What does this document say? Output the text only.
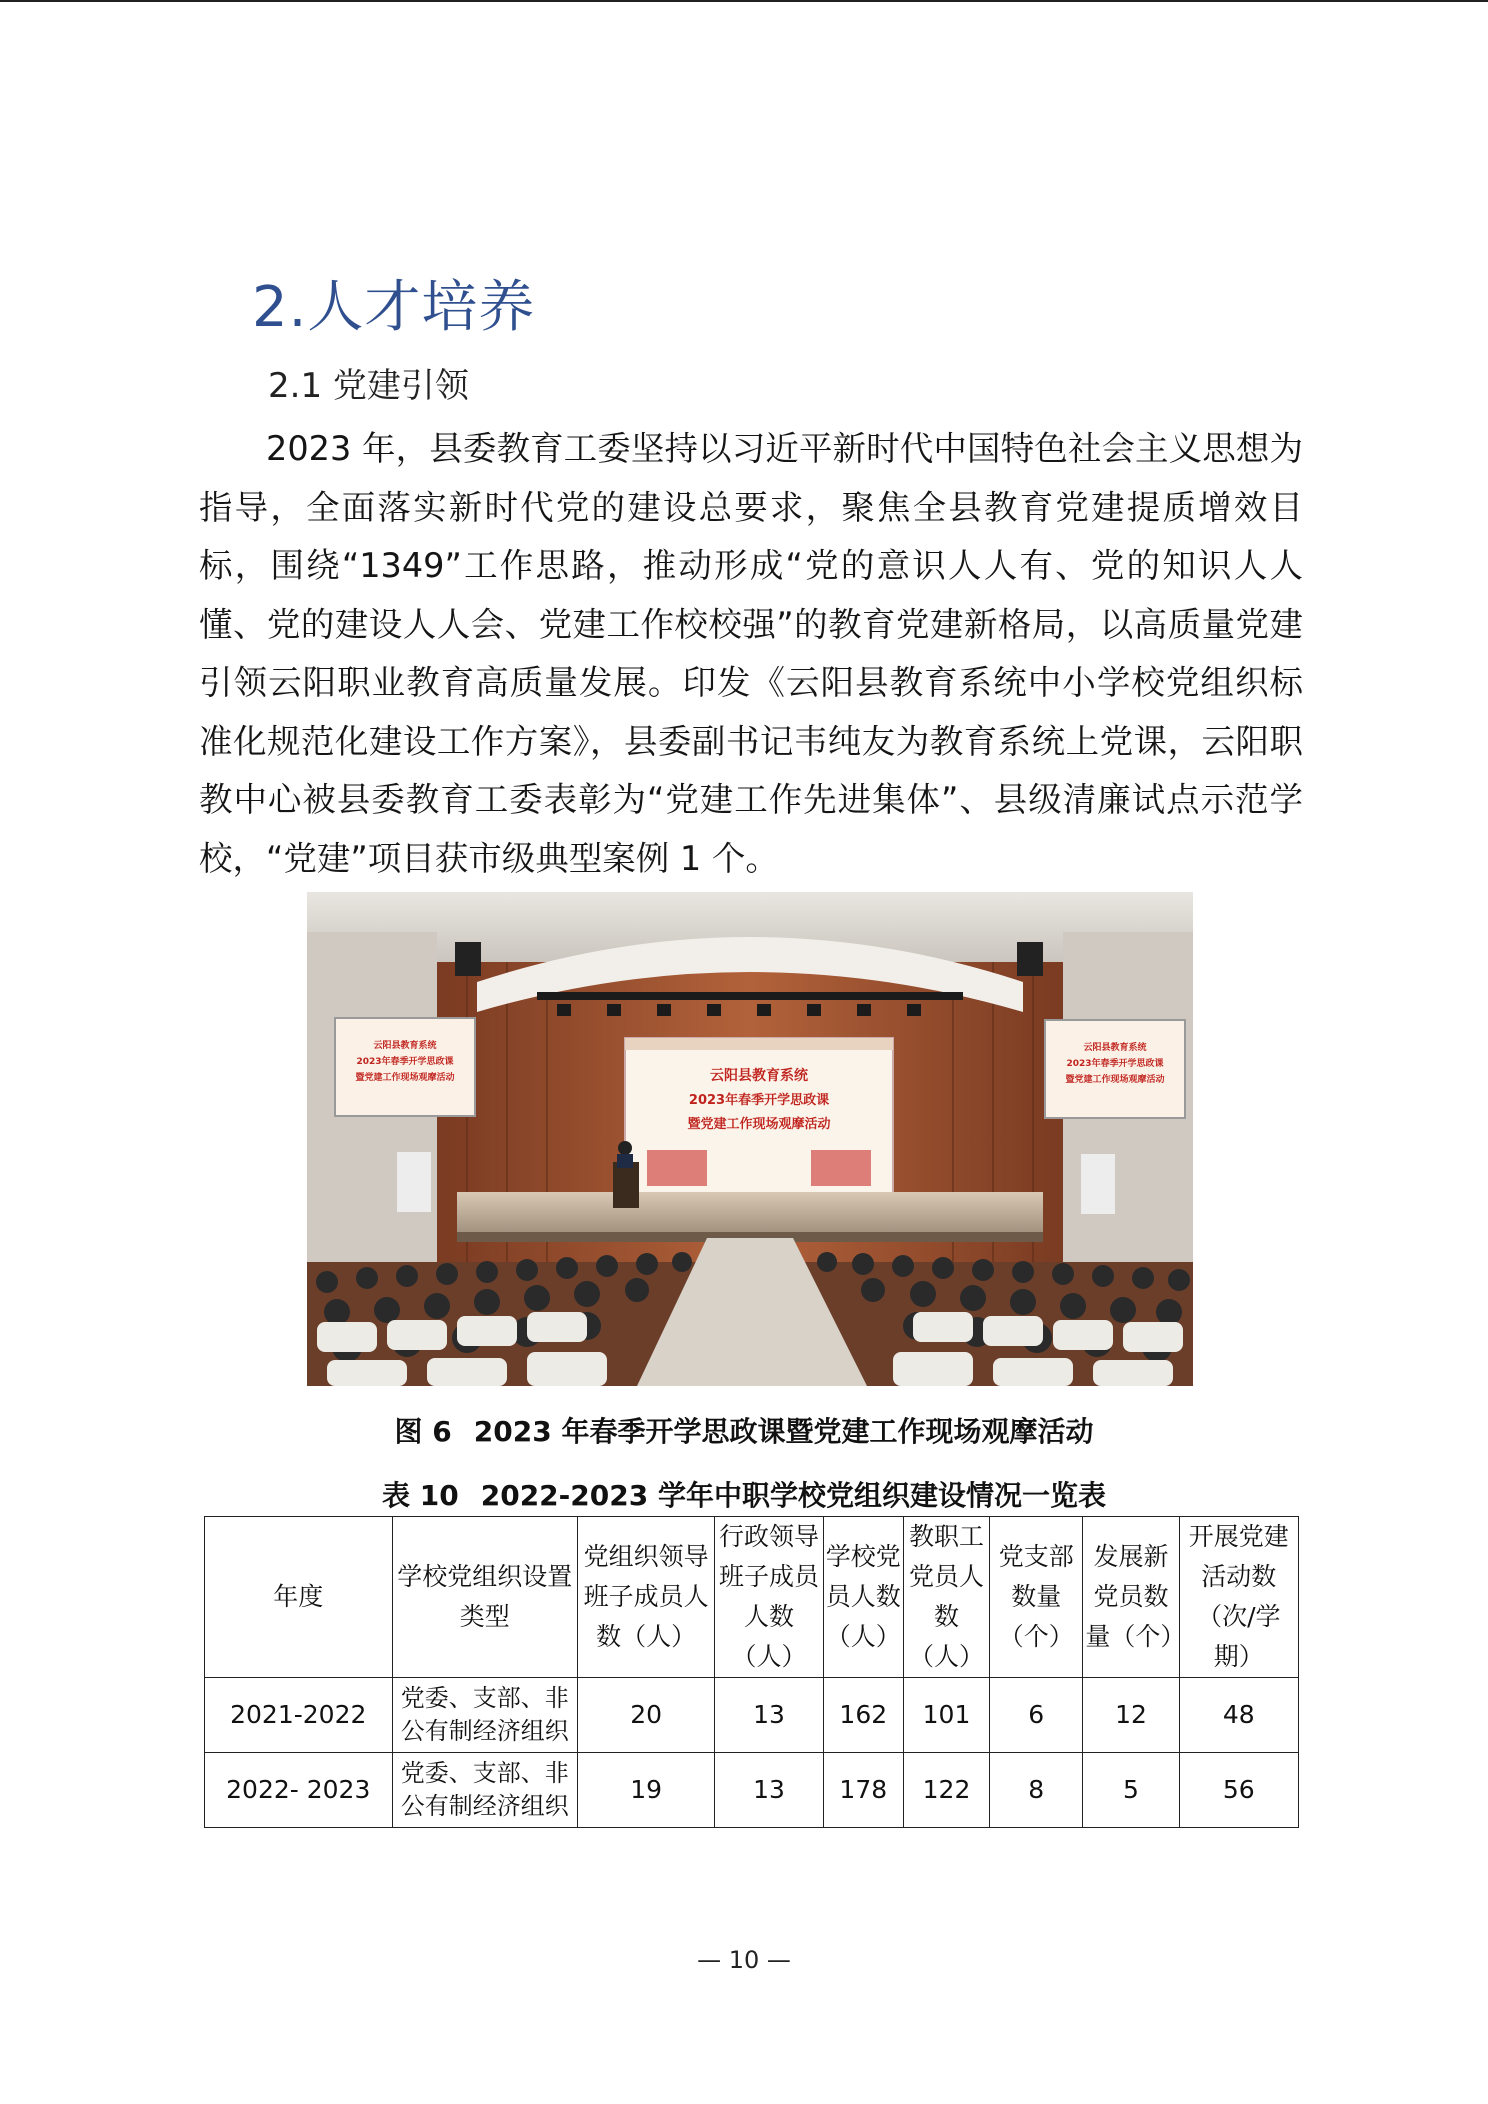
2.人才培养
2.1 党建引领

2023 年，县委教育工委坚持以习近平新时代中国特色社会主义思想为指导，全面落实新时代党的建设总要求，聚焦全县教育党建提质增效目标，围绕“1349”工作思路，推动形成“党的意识人人有、党的知识人人懂、党的建设人人会、党建工作校校强”的教育党建新格局，以高质量党建引领云阳职业教育高质量发展。印发《云阳县教育系统中小学校党组织标准化规范化建设工作方案》，县委副书记韦纯友为教育系统上党课，云阳职教中心被县委教育工委表彰为“党建工作先进集体”、县级清廉试点示范学校，“党建”项目获市级典型案例 1 个。

云阳县教育系统
2023年春季开学思政课
暨党建工作现场观摩活动
云阳县教育系统
2023年春季开学思政课
暨党建工作现场观摩活动
云阳县教育系统
2023年春季开学思政课
暨党建工作现场观摩活动
图 6 2023 年春季开学思政课暨党建工作现场观摩活动
表 10 2022-2023 学年中职学校党组织建设情况一览表
年度	学校党组织设置类型	党组织领导班子成员人数（人）	行政领导班子成员人数（人）	学校党员人数（人）	教职工党员人数（人）	党支部数量（个）	发展新党员数量（个）	开展党建活动数（次/学期）
2021-2022	党委、支部、非公有制经济组织	20	13	162	101	6	12	48
2022- 2023	党委、支部、非公有制经济组织	19	13	178	122	8	5	56
— 10 —
